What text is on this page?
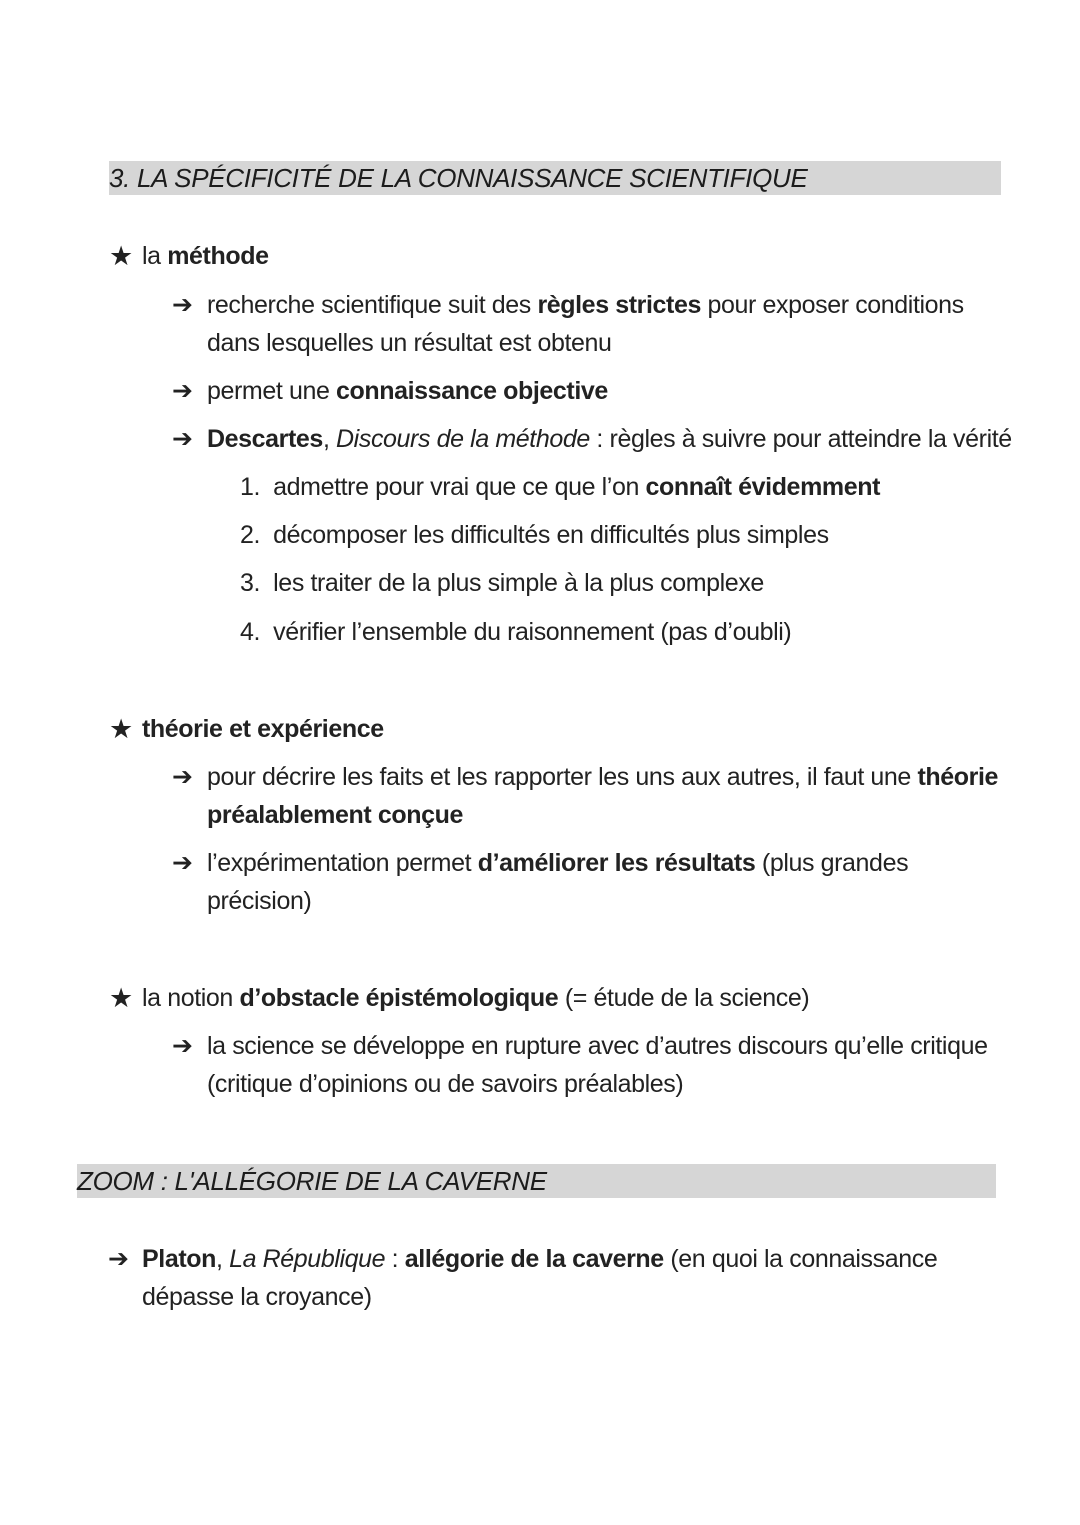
3. LA SPÉCIFICITÉ DE LA CONNAISSANCE SCIENTIFIQUE
★ la méthode
➔ recherche scientifique suit des règles strictes pour exposer conditions
dans lesquelles un résultat est obtenu
➔ permet une connaissance objective
➔ Descartes, Discours de la méthode : règles à suivre pour atteindre la vérité
1. admettre pour vrai que ce que l’on connaît évidemment
2. décomposer les difficultés en difficultés plus simples
3. les traiter de la plus simple à la plus complexe
4. vérifier l’ensemble du raisonnement (pas d’oubli)
★ théorie et expérience
➔ pour décrire les faits et les rapporter les uns aux autres, il faut une théorie
préalablement conçue
➔ l’expérimentation permet d’améliorer les résultats (plus grandes
précision)
★ la notion d’obstacle épistémologique (= étude de la science)
➔ la science se développe en rupture avec d’autres discours qu’elle critique
(critique d’opinions ou de savoirs préalables)
ZOOM : L'ALLÉGORIE DE LA CAVERNE
➔ Platon, La République : allégorie de la caverne (en quoi la connaissance
dépasse la croyance)
